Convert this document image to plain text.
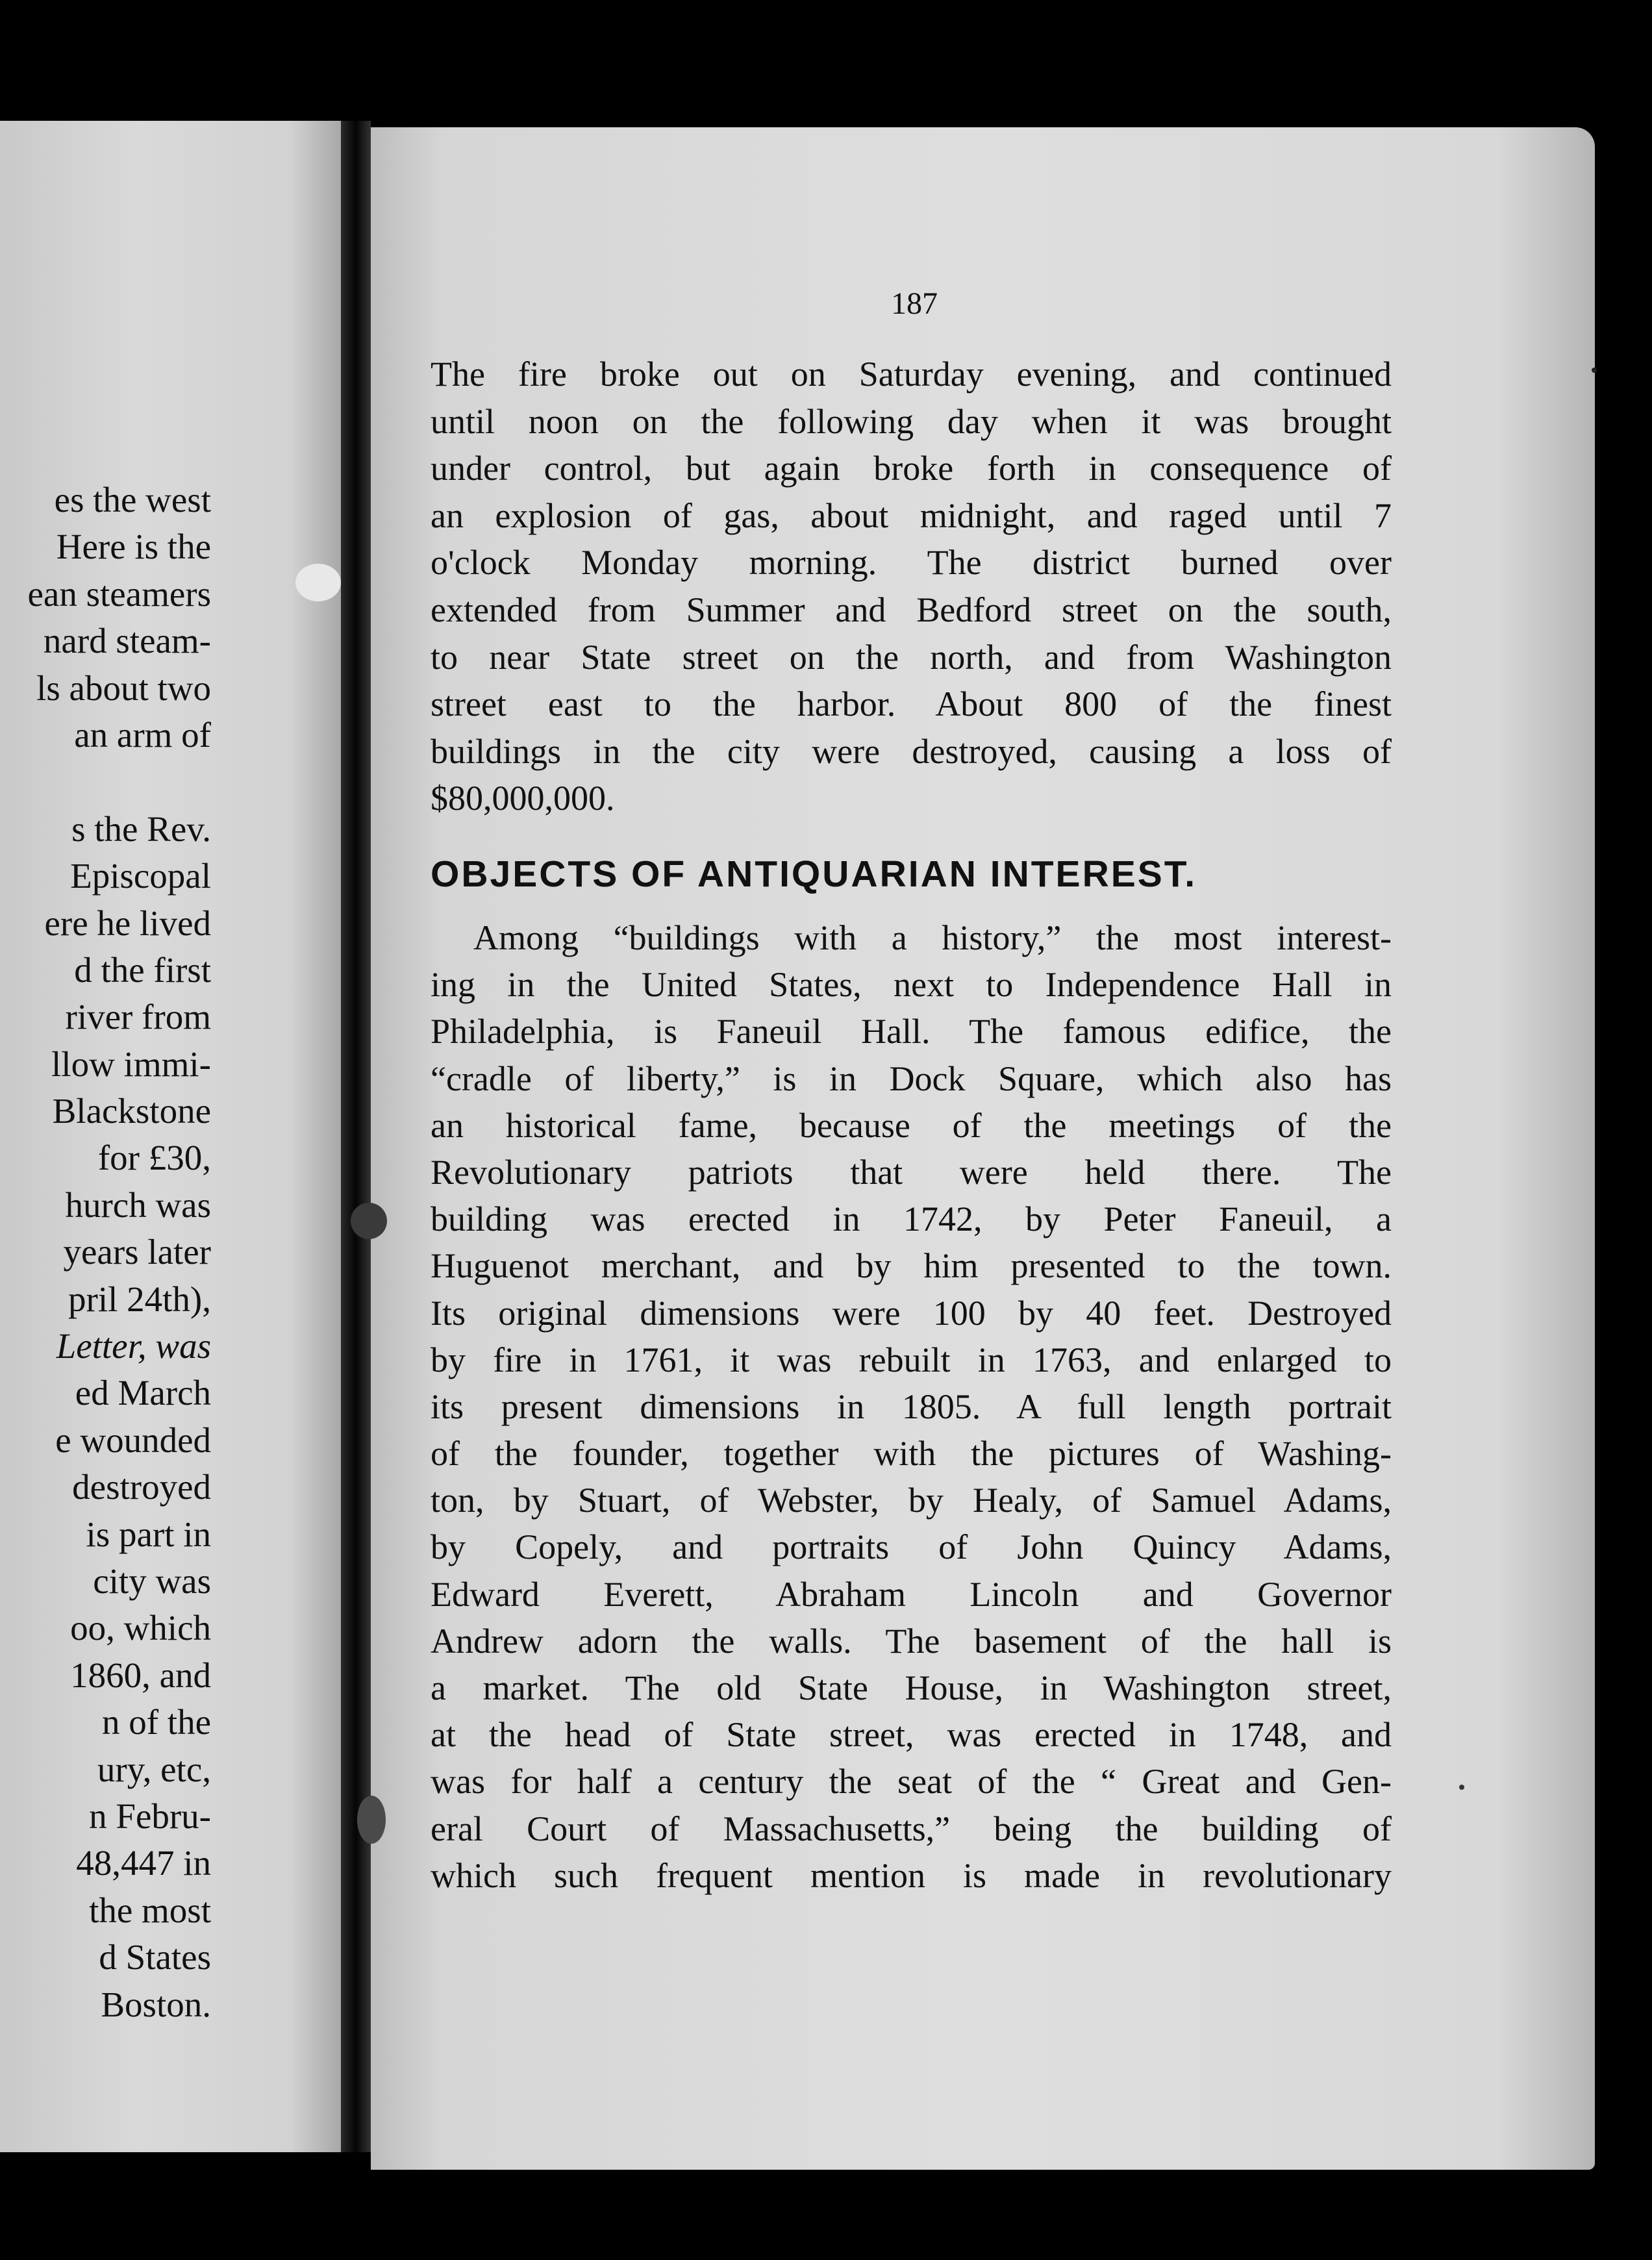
es the west
Here is the
ean steamers
nard steam-
ls about two
an arm of
s the Rev.
Episcopal
ere he lived
d the first
river from
llow immi-
Blackstone
for £30,
hurch was
years later
pril 24th),
Letter, was
ed March
e wounded
destroyed
is part in
city was
oo, which
1860, and
n of the
ury, etc,
n Febru-
48,447 in
the most
d States
Boston.
187
The fire broke out on Saturday evening, and continued
until noon on the following day when it was brought
under control, but again broke forth in consequence of
an explosion of gas, about midnight, and raged until 7
o'clock Monday morning. The district burned over
extended from Summer and Bedford street on the south,
to near State street on the north, and from Washington
street east to the harbor. About 800 of the finest
buildings in the city were destroyed, causing a loss of
$80,000,000.
OBJECTS OF ANTIQUARIAN INTEREST.
Among “buildings with a history,” the most interest-
ing in the United States, next to Independence Hall in
Philadelphia, is Faneuil Hall. The famous edifice, the
“cradle of liberty,” is in Dock Square, which also has
an historical fame, because of the meetings of the
Revolutionary patriots that were held there. The
building was erected in 1742, by Peter Faneuil, a
Huguenot merchant, and by him presented to the town.
Its original dimensions were 100 by 40 feet. Destroyed
by fire in 1761, it was rebuilt in 1763, and enlarged to
its present dimensions in 1805. A full length portrait
of the founder, together with the pictures of Washing-
ton, by Stuart, of Webster, by Healy, of Samuel Adams,
by Copely, and portraits of John Quincy Adams,
Edward Everett, Abraham Lincoln and Governor
Andrew adorn the walls. The basement of the hall is
a market. The old State House, in Washington street,
at the head of State street, was erected in 1748, and
was for half a century the seat of the “ Great and Gen-
eral Court of Massachusetts,” being the building of
which such frequent mention is made in revolutionary
